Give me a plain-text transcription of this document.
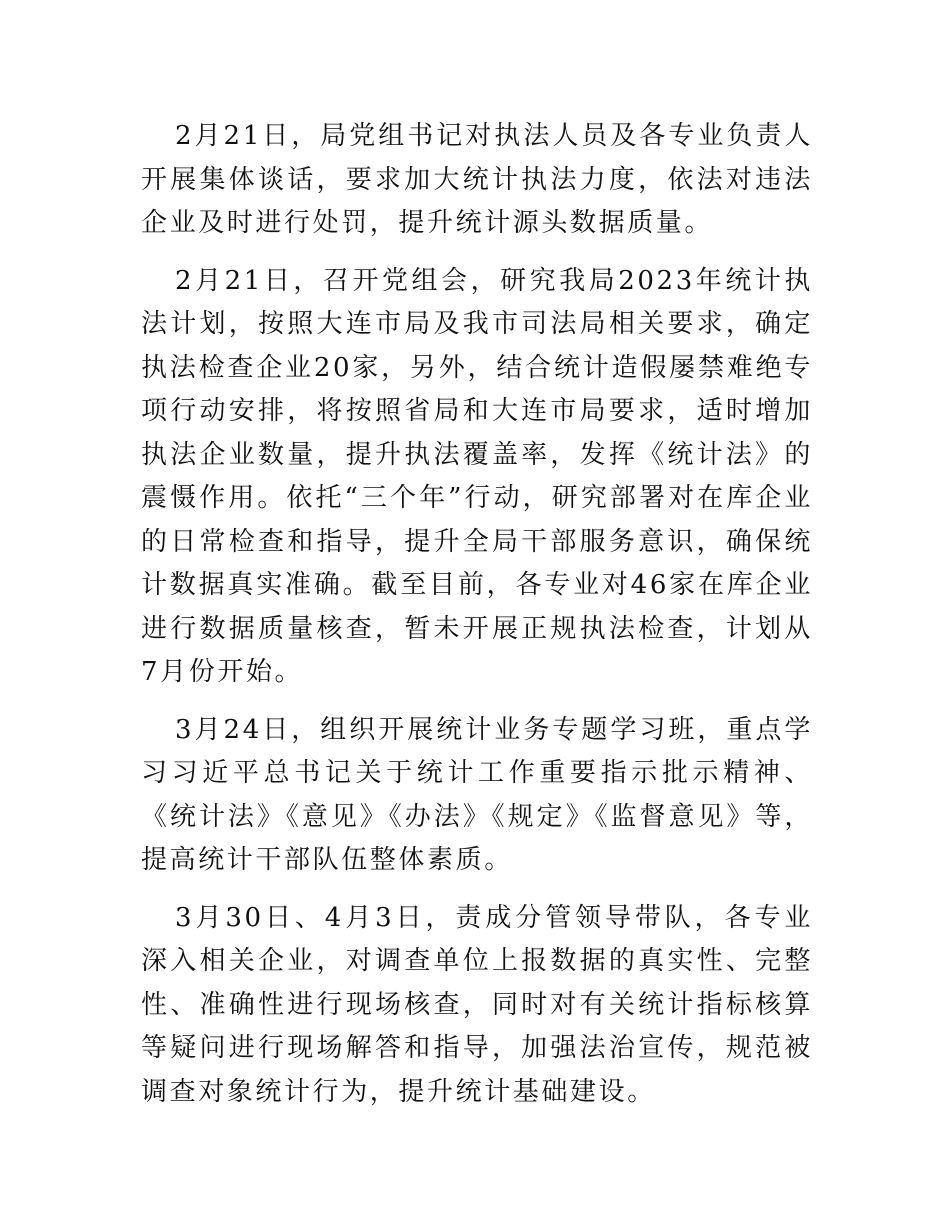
2月21日，局党组书记对执法人员及各专业负责人开展集体谈话，要求加大统计执法力度，依法对违法企业及时进行处罚，提升统计源头数据质量。

2月21日，召开党组会，研究我局2023年统计执法计划，按照大连市局及我市司法局相关要求，确定执法检查企业20家，另外，结合统计造假屡禁难绝专项行动安排，将按照省局和大连市局要求，适时增加执法企业数量，提升执法覆盖率，发挥《统计法》的震慑作用。依托“三个年”行动，研究部署对在库企业的日常检查和指导，提升全局干部服务意识，确保统计数据真实准确。截至目前，各专业对46家在库企业进行数据质量核查，暂未开展正规执法检查，计划从7月份开始。

3月24日，组织开展统计业务专题学习班，重点学习习近平总书记关于统计工作重要指示批示精神、《统计法》《意见》《办法》《规定》《监督意见》等，提高统计干部队伍整体素质。

3月30日、4月3日，责成分管领导带队，各专业深入相关企业，对调查单位上报数据的真实性、完整性、准确性进行现场核查，同时对有关统计指标核算等疑问进行现场解答和指导，加强法治宣传，规范被调查对象统计行为，提升统计基础建设。
